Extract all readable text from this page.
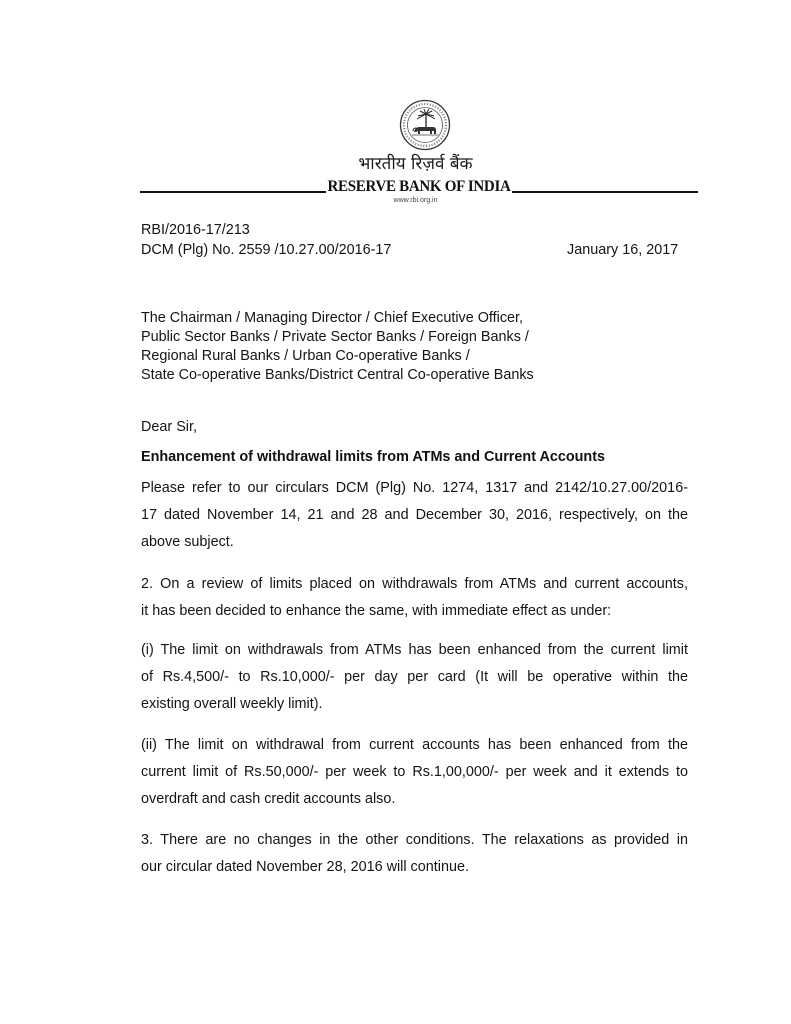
भारतीय रिज़र्व बैंक
RESERVE BANK OF INDIA
www.rbi.org.in
RBI/2016-17/213
DCM (Plg) No. 2559 /10.27.00/2016-17	January 16, 2017
The Chairman / Managing Director / Chief Executive Officer,
Public Sector Banks / Private Sector Banks / Foreign Banks /
Regional Rural Banks / Urban Co-operative Banks /
State Co-operative Banks/District Central Co-operative Banks
Dear Sir,
Enhancement of withdrawal limits from ATMs and Current Accounts
Please refer to our circulars DCM (Plg) No. 1274, 1317 and 2142/10.27.00/2016-
17 dated November 14, 21 and 28 and December 30, 2016, respectively, on the
above subject.
2. On a review of limits placed on withdrawals from ATMs and current accounts,
it has been decided to enhance the same, with immediate effect as under:
(i) The limit on withdrawals from ATMs has been enhanced from the current limit
of Rs.4,500/- to Rs.10,000/- per day per card (It will be operative within the
existing overall weekly limit).
(ii) The limit on withdrawal from current accounts has been enhanced from the
current limit of Rs.50,000/- per week to Rs.1,00,000/- per week and it extends to
overdraft and cash credit accounts also.
3. There are no changes in the other conditions. The relaxations as provided in
our circular dated November 28, 2016 will continue.
